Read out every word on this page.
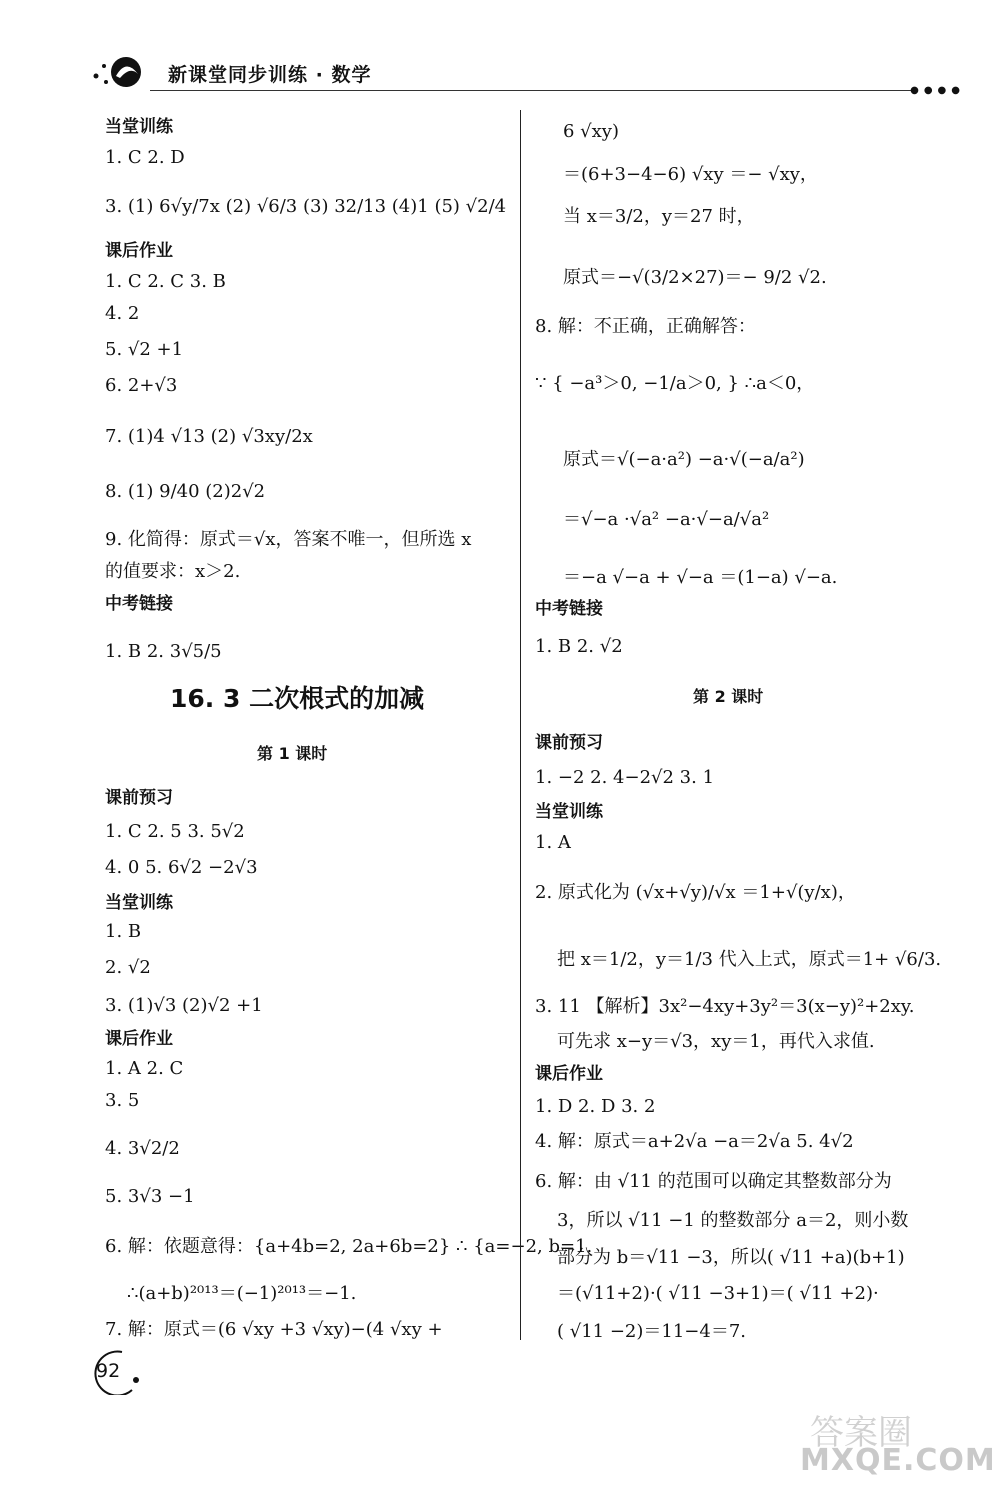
新课堂同步训练 · 数学
●●●●
当堂训练
1. C 2. D
3. (1) 6√y/7x (2) √6/3 (3) 32/13 (4)1 (5) √2/4
课后作业
1. C 2. C 3. B
4. 2
5. √2 +1
6. 2+√3
7. (1)4 √13 (2) √3xy/2x
8. (1) 9/40 (2)2√2
9. 化简得：原式＝√x，答案不唯一，但所选 x
的值要求：x＞2.
中考链接
1. B 2. 3√5/5
16. 3 二次根式的加减
第 1 课时
课前预习
1. C 2. 5 3. 5√2
4. 0 5. 6√2 −2√3
当堂训练
1. B
2. √2
3. (1)√3 (2)√2 +1
课后作业
1. A 2. C
3. 5
4. 3√2/2
5. 3√3 −1
6. 解：依题意得：{a+4b=2, 2a+6b=2} ∴ {a=−2, b=1.
∴(a+b)²⁰¹³＝(−1)²⁰¹³＝−1.
7. 解：原式＝(6 √xy +3 √xy)−(4 √xy +
6 √xy)
＝(6+3−4−6) √xy ＝− √xy，
当 x＝3/2，y＝27 时，
原式＝−√(3/2×27)＝− 9/2 √2.
8. 解：不正确，正确解答：
∵ { −a³＞0, −1/a＞0, } ∴a＜0，
原式＝√(−a·a²) −a·√(−a/a²)
＝√−a ·√a² −a·√−a/√a²
＝−a √−a + √−a ＝(1−a) √−a.
中考链接
1. B 2. √2
第 2 课时
课前预习
1. −2 2. 4−2√2 3. 1
当堂训练
1. A
2. 原式化为 (√x+√y)/√x ＝1+√(y/x)，
把 x＝1/2，y＝1/3 代入上式，原式＝1+ √6/3.
3. 11 【解析】3x²−4xy+3y²＝3(x−y)²+2xy.
可先求 x−y＝√3，xy＝1，再代入求值.
课后作业
1. D 2. D 3. 2
4. 解：原式＝a+2√a −a＝2√a 5. 4√2
6. 解：由 √11 的范围可以确定其整数部分为
3，所以 √11 −1 的整数部分 a＝2，则小数
部分为 b＝√11 −3，所以( √11 +a)(b+1)
＝(√11+2)·( √11 −3+1)＝( √11 +2)·
( √11 −2)＝11−4＝7.
92
答案圈
MXQE.COM
